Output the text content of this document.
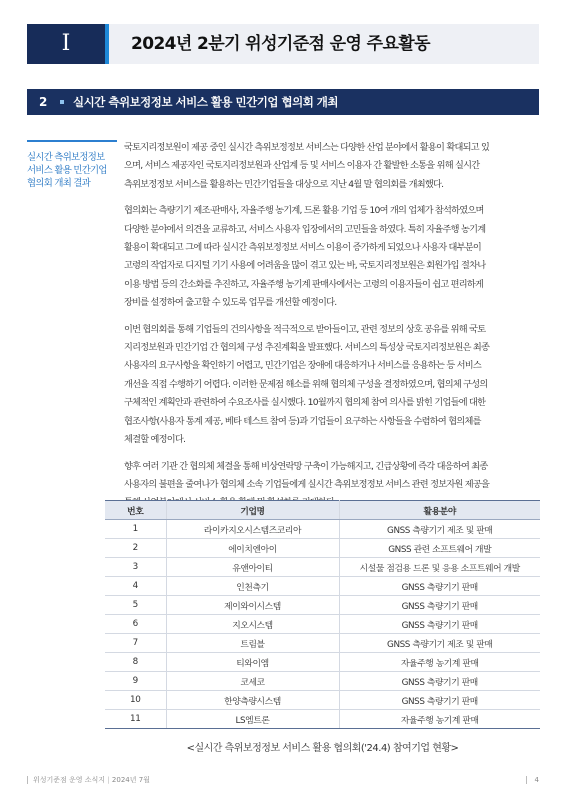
Ⅰ	2024년 2분기 위성기준점 운영 주요활동
2 실시간 측위보정정보 서비스 활용 민간기업 협의회 개최
실시간 측위보정정보
서비스 활용 민간기업
협의회 개최 결과

국토지리정보원이 제공 중인 실시간 측위보정정보 서비스는 다양한 산업 분야에서 활용이 확대되고 있
으며, 서비스 제공자인 국토지리정보원과 산업계 등 및 서비스 이용자 간 활발한 소통을 위해 실시간
측위보정정보 서비스를 활용하는 민간기업들을 대상으로 지난 4월 말 협의회를 개최했다.

협의회는 측량기기 제조·판매사, 자율주행 농기계, 드론 활용 기업 등 10여 개의 업체가 참석하였으며
다양한 분야에서 의견을 교류하고, 서비스 사용자 입장에서의 고민들을 하였다. 특히 자율주행 농기계
활용이 확대되고 그에 따라 실시간 측위보정정보 서비스 이용이 증가하게 되었으나 사용자 대부분이
고령의 작업자로 디지털 기기 사용에 어려움을 많이 겪고 있는 바, 국토지리정보원은 회원가입 절차나
이용 방법 등의 간소화를 추진하고, 자율주행 농기계 판매사에서는 고령의 이용자들이 쉽고 편리하게
장비를 설정하여 출고할 수 있도록 업무를 개선할 예정이다.

이번 협의회를 통해 기업들의 건의사항을 적극적으로 받아들이고, 관련 정보의 상호 공유를 위해 국토
지리정보원과 민간기업 간 협의체 구성 추진계획을 발표했다. 서비스의 특성상 국토지리정보원은 최종
사용자의 요구사항을 확인하기 어렵고, 민간기업은 장애에 대응하거나 서비스를 응용하는 등 서비스
개선을 직접 수행하기 어렵다. 이러한 문제점 해소를 위해 협의체 구성을 결정하였으며, 협의체 구성의
구체적인 계획안과 관련하여 수요조사를 실시했다. 10월까지 협의체 참여 의사를 밝힌 기업들에 대한
협조사항(사용자 통계 제공, 베타 테스트 참여 등)과 기업들이 요구하는 사항들을 수렴하여 협의체를
체결할 예정이다.

향후 여러 기관 간 협의체 체결을 통해 비상연락망 구축이 가능해지고, 긴급상황에 즉각 대응하여 최종
사용자의 불편을 줄여나가 협의체 소속 기업들에게 실시간 측위보정정보 서비스 관련 정보자원 제공을

번호	기업명	활용분야
1	라이카지오시스템즈코리아	GNSS 측량기기 제조 및 판매
2	에이치엔아이	GNSS 관련 소프트웨어 개발
3	유앤아이티	시설물 점검용 드론 및 응용 소프트웨어 개발
4	인천측기	GNSS 측량기기 판매
5	제이와이시스템	GNSS 측량기기 판매
6	지오시스템	GNSS 측량기기 판매
7	트림블	GNSS 측량기기 제조 및 판매
8	티와이엠	자율주행 농기계 판매
9	코세코	GNSS 측량기기 판매
10	한양측량시스템	GNSS 측량기기 판매
11	LS엠트론	자율주행 농기계 판매
<실시간 측위보정정보 서비스 활용 협의회('24.4) 참여기업 현황>
위성기준점 운영 소식지 | 2024년 7월	4
